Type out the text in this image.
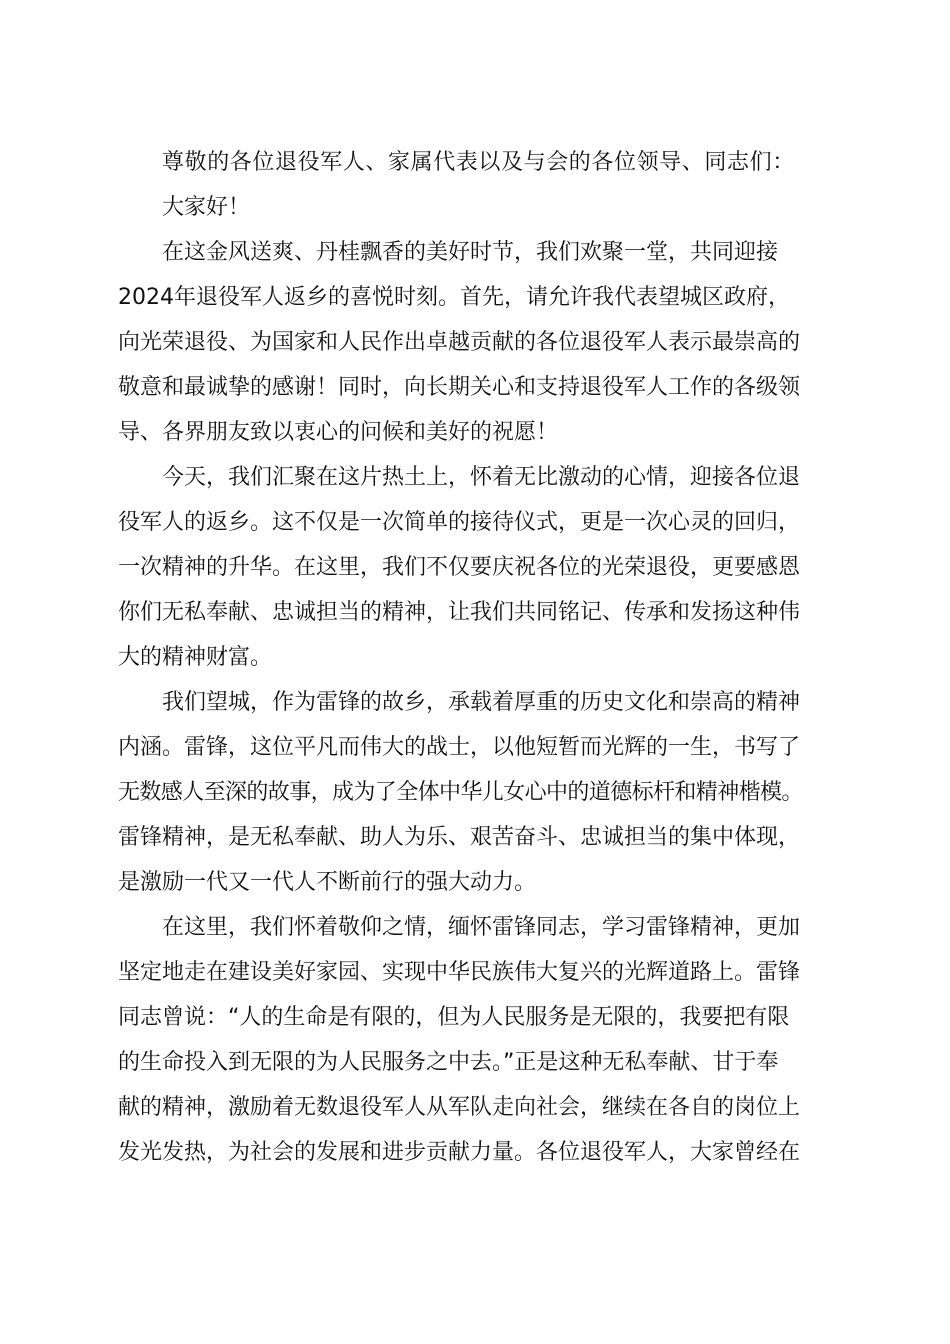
尊敬的各位退役军人、家属代表以及与会的各位领导、同志们：
大家好！
在这金风送爽、丹桂飘香的美好时节，我们欢聚一堂，共同迎接
2024年退役军人返乡的喜悦时刻。首先，请允许我代表望城区政府，
向光荣退役、为国家和人民作出卓越贡献的各位退役军人表示最崇高的
敬意和最诚挚的感谢！同时，向长期关心和支持退役军人工作的各级领
导、各界朋友致以衷心的问候和美好的祝愿！
今天，我们汇聚在这片热土上，怀着无比激动的心情，迎接各位退
役军人的返乡。这不仅是一次简单的接待仪式，更是一次心灵的回归，
一次精神的升华。在这里，我们不仅要庆祝各位的光荣退役，更要感恩
你们无私奉献、忠诚担当的精神，让我们共同铭记、传承和发扬这种伟
大的精神财富。
我们望城，作为雷锋的故乡，承载着厚重的历史文化和崇高的精神
内涵。雷锋，这位平凡而伟大的战士，以他短暂而光辉的一生，书写了
无数感人至深的故事，成为了全体中华儿女心中的道德标杆和精神楷模。
雷锋精神，是无私奉献、助人为乐、艰苦奋斗、忠诚担当的集中体现，
是激励一代又一代人不断前行的强大动力。
在这里，我们怀着敬仰之情，缅怀雷锋同志，学习雷锋精神，更加
坚定地走在建设美好家园、实现中华民族伟大复兴的光辉道路上。雷锋
同志曾说：“人的生命是有限的，但为人民服务是无限的，我要把有限
的生命投入到无限的为人民服务之中去。”正是这种无私奉献、甘于奉
献的精神，激励着无数退役军人从军队走向社会，继续在各自的岗位上
发光发热，为社会的发展和进步贡献力量。各位退役军人，大家曾经在
